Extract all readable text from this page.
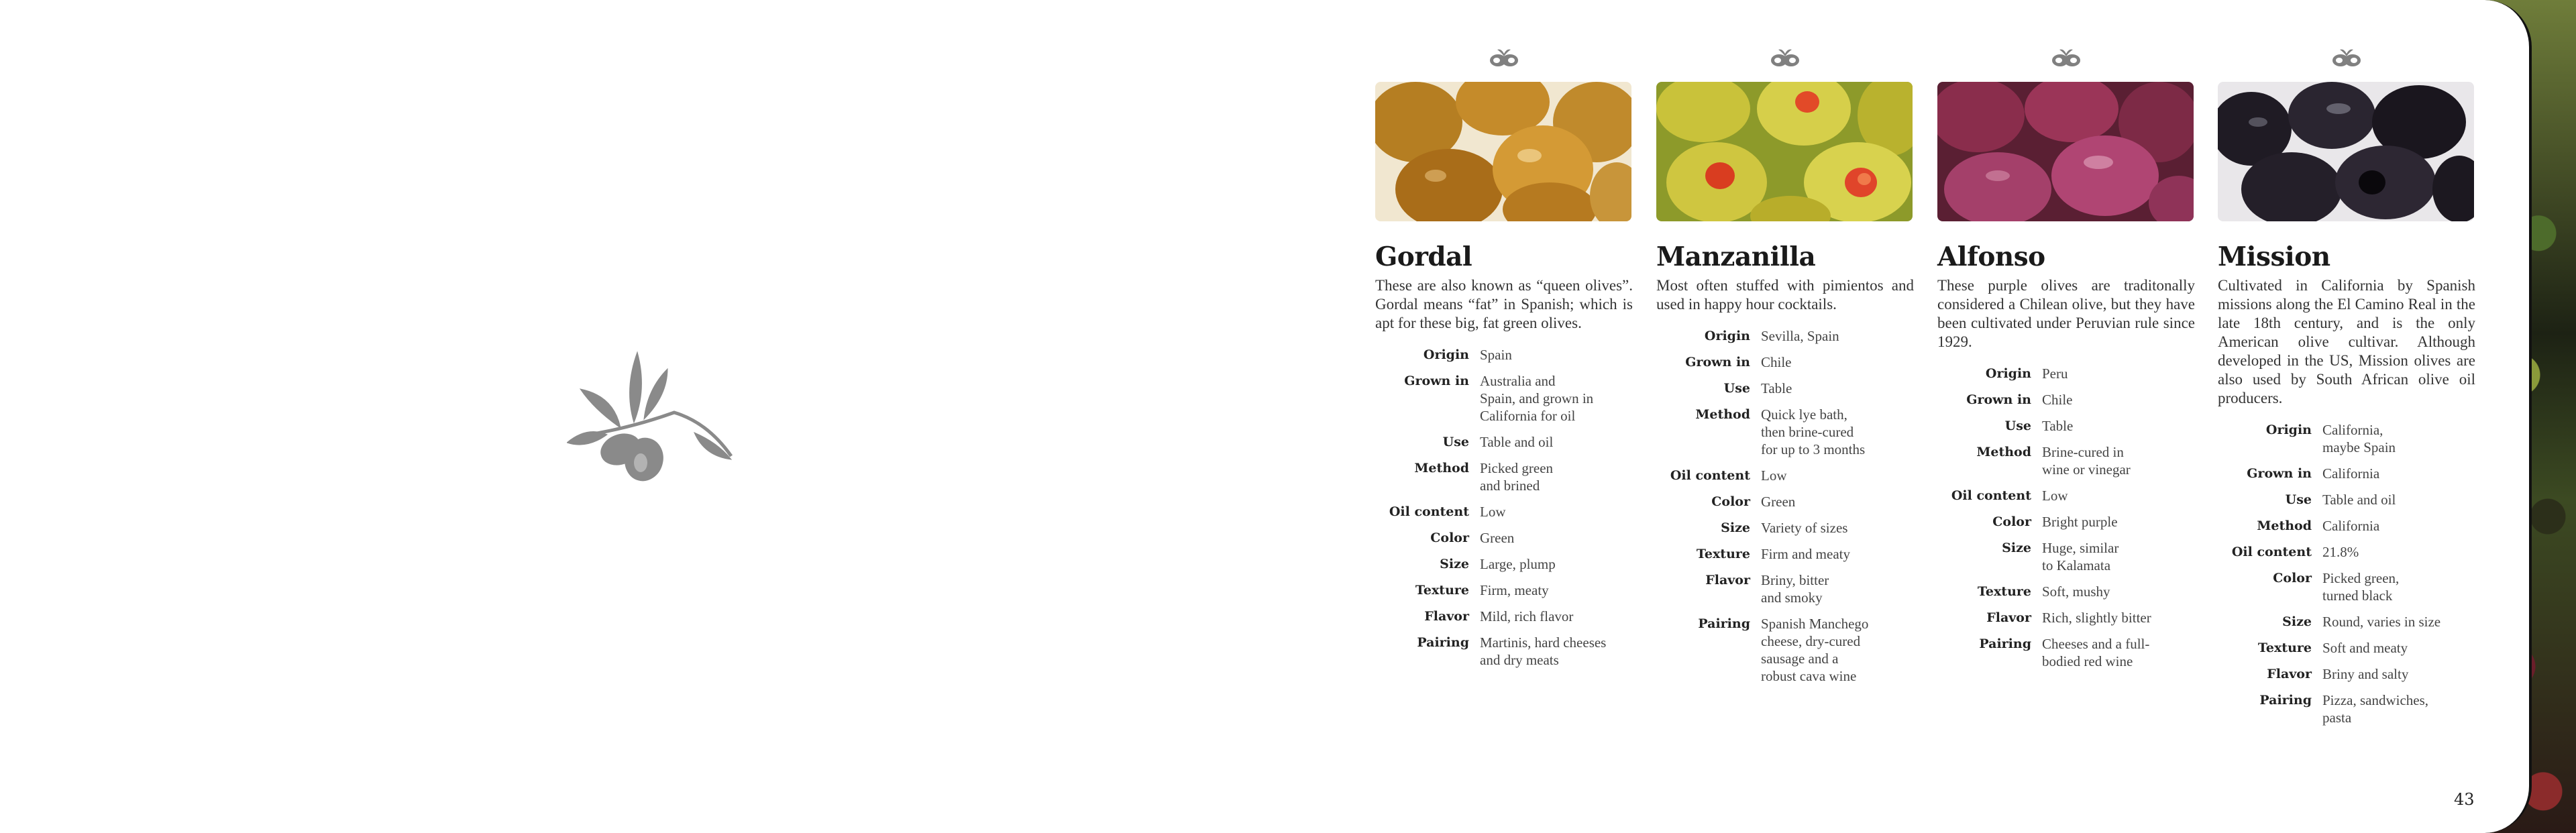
Gordal

These are also known as “queen olives”. Gordal means “fat” in Spanish; which is apt for these big, fat green olives.

Origin	Spain
Grown in	Australia and
Spain, and grown in
California for oil
Use	Table and oil
Method	Picked green
and brined
Oil content	Low
Color	Green
Size	Large, plump
Texture	Firm, meaty
Flavor	Mild, rich flavor
Pairing	Martinis, hard cheeses
and dry meats
Manzanilla

Most often stuffed with pimientos and used in happy hour cocktails.

Origin	Sevilla, Spain
Grown in	Chile
Use	Table
Method	Quick lye bath,
then brine-cured
for up to 3 months
Oil content	Low
Color	Green
Size	Variety of sizes
Texture	Firm and meaty
Flavor	Briny, bitter
and smoky
Pairing	Spanish Manchego
cheese, dry-cured
sausage and a
robust cava wine
Alfonso

These purple olives are traditonally considered a Chilean olive, but they have been cultivated under Peruvian rule since 1929.

Origin	Peru
Grown in	Chile
Use	Table
Method	Brine-cured in
wine or vinegar
Oil content	Low
Color	Bright purple
Size	Huge, similar
to Kalamata
Texture	Soft, mushy
Flavor	Rich, slightly bitter
Pairing	Cheeses and a full-
bodied red wine
Mission

Cultivated in California by Spanish missions along the El Camino Real in the late 18th century, and is the only American olive cultivar. Although developed in the US, Mission olives are also used by South African olive oil producers.

Origin	California,
maybe Spain
Grown in	California
Use	Table and oil
Method	California
Oil content	21.8%
Color	Picked green,
turned black
Size	Round, varies in size
Texture	Soft and meaty
Flavor	Briny and salty
Pairing	Pizza, sandwiches,
pasta
43
